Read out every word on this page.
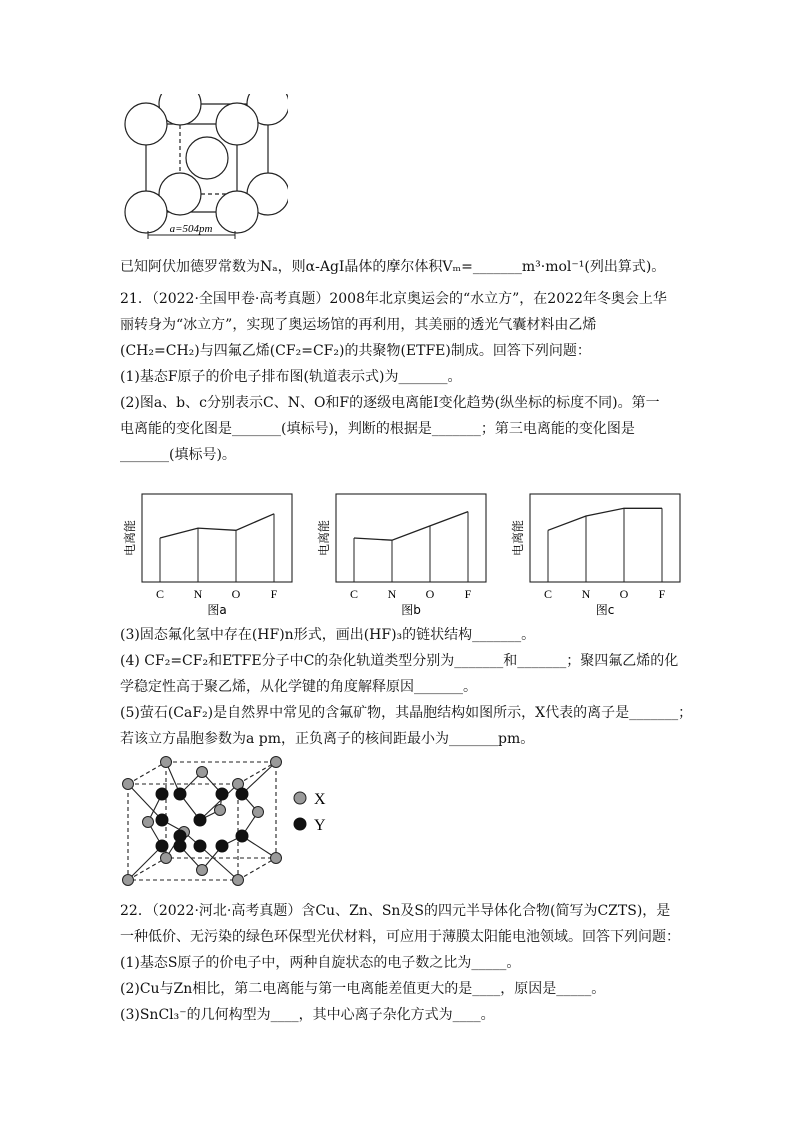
a=504pm
已知阿伏加德罗常数为Nₐ，则α-AgI晶体的摩尔体积Vₘ=_______m³·mol⁻¹(列出算式)。
21．（2022·全国甲卷·高考真题）2008年北京奥运会的“水立方”，在2022年冬奥会上华
丽转身为“冰立方”，实现了奥运场馆的再利用，其美丽的透光气囊材料由乙烯
(CH₂=CH₂)与四氟乙烯(CF₂=CF₂)的共聚物(ETFE)制成。回答下列问题：
(1)基态F原子的价电子排布图(轨道表示式)为_______。
(2)图a、b、c分别表示C、N、O和F的逐级电离能I变化趋势(纵坐标的标度不同)。第一
电离能的变化图是_______(填标号)，判断的根据是_______；第三电离能的变化图是
_______(填标号)。
C N O	F
电离能
图a
C N O	F
电离能
图b
C N O	F
电离能
图c
(3)固态氟化氢中存在(HF)n形式，画出(HF)₃的链状结构_______。
(4) CF₂=CF₂和ETFE分子中C的杂化轨道类型分别为_______和_______；聚四氟乙烯的化
学稳定性高于聚乙烯，从化学键的角度解释原因_______。
(5)萤石(CaF₂)是自然界中常见的含氟矿物，其晶胞结构如图所示，X代表的离子是_______；
若该立方晶胞参数为a pm，正负离子的核间距最小为_______pm。
X
Y
22．（2022·河北·高考真题）含Cu、Zn、Sn及S的四元半导体化合物(简写为CZTS)，是
一种低价、无污染的绿色环保型光伏材料，可应用于薄膜太阳能电池领域。回答下列问题：
(1)基态S原子的价电子中，两种自旋状态的电子数之比为_____。
(2)Cu与Zn相比，第二电离能与第一电离能差值更大的是____，原因是_____。
(3)SnCl₃⁻的几何构型为____，其中心离子杂化方式为____。
